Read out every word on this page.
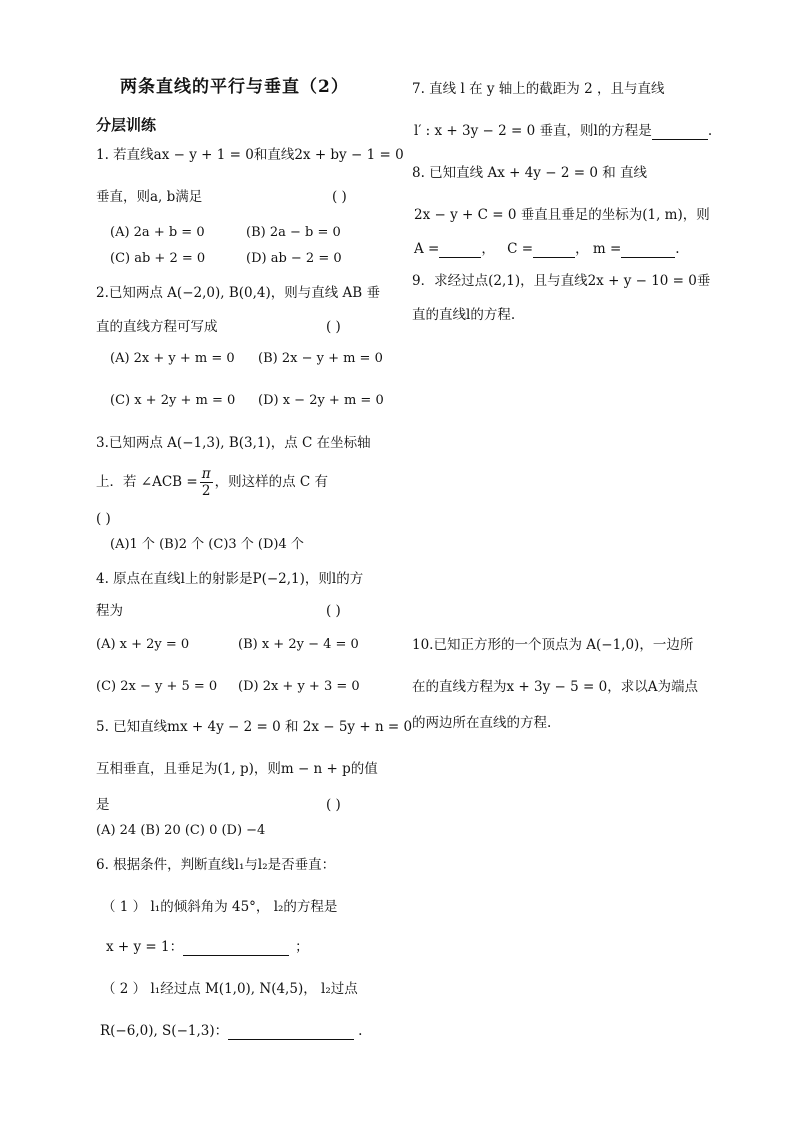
两条直线的平行与垂直（2）
分层训练
1. 若直线ax − y + 1 = 0和直线2x + by − 1 = 0
垂直，则a, b满足	( )
(A) 2a + b = 0	(B) 2a − b = 0
(C) ab + 2 = 0	(D) ab − 2 = 0
2.已知两点 A(−2,0), B(0,4)，则与直线 AB 垂
直的直线方程可写成	( )
(A) 2x + y + m = 0 (B) 2x − y + m = 0
(C) x + 2y + m = 0 (D) x − 2y + m = 0
3.已知两点 A(−1,3), B(3,1)，点 C 在坐标轴
上．若 ∠ACB = $\frac{\pi}{2}$ ，则这样的点 C 有
( )
(A)1 个 (B)2 个 (C)3 个 (D)4 个
4. 原点在直线l上的射影是P(−2,1)，则l的方
程为	( )
(A) x + 2y = 0	(B) x + 2y − 4 = 0
(C) 2x − y + 5 = 0 (D) 2x + y + 3 = 0
5. 已知直线mx + 4y − 2 = 0 和 2x − 5y + n = 0
互相垂直，且垂足为(1, p)，则m − n + p的值
是	( )
(A) 24 (B) 20 (C) 0 (D) −4
6. 根据条件，判断直线l₁与l₂是否垂直：
（ 1 ） l₁的倾斜角为 45°， l₂的方程是
x + y = 1：	；
（ 2 ） l₁经过点 M(1,0), N(4,5)， l₂过点
R(−6,0), S(−1,3)：	.
7. 直线 l 在 y 轴上的截距为 2 ，且与直线
l′ : x + 3y − 2 = 0 垂直，则l的方程是	.
8. 已知直线 Ax + 4y − 2 = 0 和 直线
2x − y + C = 0 垂直且垂足的坐标为(1, m)，则
A =	， C =	， m =	.
9．求经过点(2,1)，且与直线2x + y − 10 = 0垂
直的直线l的方程.
10.已知正方形的一个顶点为 A(−1,0)，一边所
在的直线方程为x + 3y − 5 = 0，求以A为端点
的两边所在直线的方程.
